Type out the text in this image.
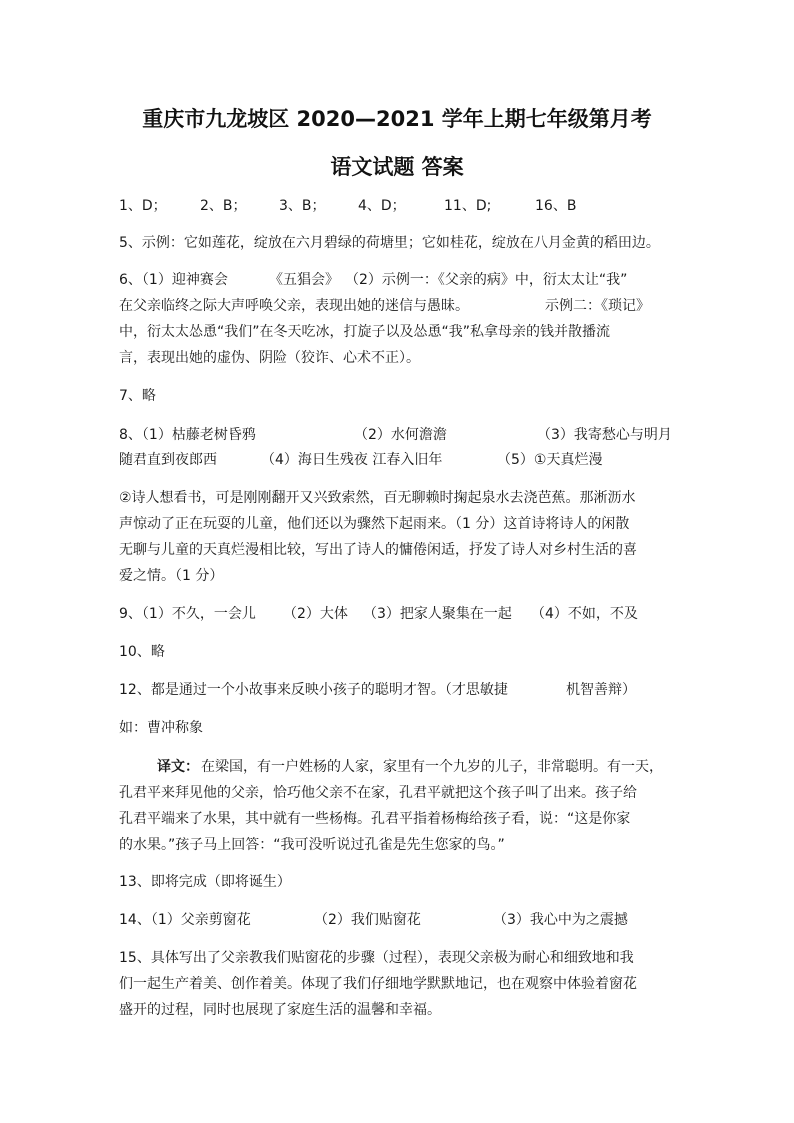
重庆市九龙坡区 2020—2021 学年上期七年级第月考
语文试题 答案
1、D； 2、B； 3、B； 4、D；	11、D;	16、B
5、示例：它如莲花，绽放在六月碧绿的荷塘里；它如桂花，绽放在八月金黄的稻田边。
6、（1）迎神赛会	《五猖会》 （2）示例一：《父亲的病》中，衍太太让“我”
在父亲临终之际大声呼唤父亲，表现出她的迷信与愚昧。	示例二：《琐记》
中，衍太太怂恿“我们”在冬天吃冰，打旋子以及怂恿“我”私拿母亲的钱并散播流
言，表现出她的虚伪、阴险（狡诈、心术不正）。
7、略
8、（1）枯藤老树昏鸦	（2）水何澹澹	（3）我寄愁心与明月
随君直到夜郎西	（4）海日生残夜 江春入旧年	（5）①天真烂漫
②诗人想看书，可是刚刚翻开又兴致索然，百无聊赖时掬起泉水去浇芭蕉。那淅沥水
声惊动了正在玩耍的儿童，他们还以为骤然下起雨来。（1 分）这首诗将诗人的闲散
无聊与儿童的天真烂漫相比较，写出了诗人的慵倦闲适，抒发了诗人对乡村生活的喜
爱之情。（1 分）
9、（1）不久，一会儿 （2）大体 （3）把家人聚集在一起 （4）不如，不及
10、略
12、都是通过一个小故事来反映小孩子的聪明才智。（才思敏捷	机智善辩）
如：曹冲称象
译文： 在梁国，有一户姓杨的人家，家里有一个九岁的儿子，非常聪明。有一天，
孔君平来拜见他的父亲，恰巧他父亲不在家，孔君平就把这个孩子叫了出来。孩子给
孔君平端来了水果，其中就有一些杨梅。孔君平指着杨梅给孩子看，说：“这是你家
的水果。”孩子马上回答：“我可没听说过孔雀是先生您家的鸟。”
13、即将完成（即将诞生）
14、（1）父亲剪窗花	（2）我们贴窗花	（3）我心中为之震撼
15、具体写出了父亲教我们贴窗花的步骤（过程），表现父亲极为耐心和细致地和我
们一起生产着美、创作着美。体现了我们仔细地学默默地记，也在观察中体验着窗花
盛开的过程，同时也展现了家庭生活的温馨和幸福。
